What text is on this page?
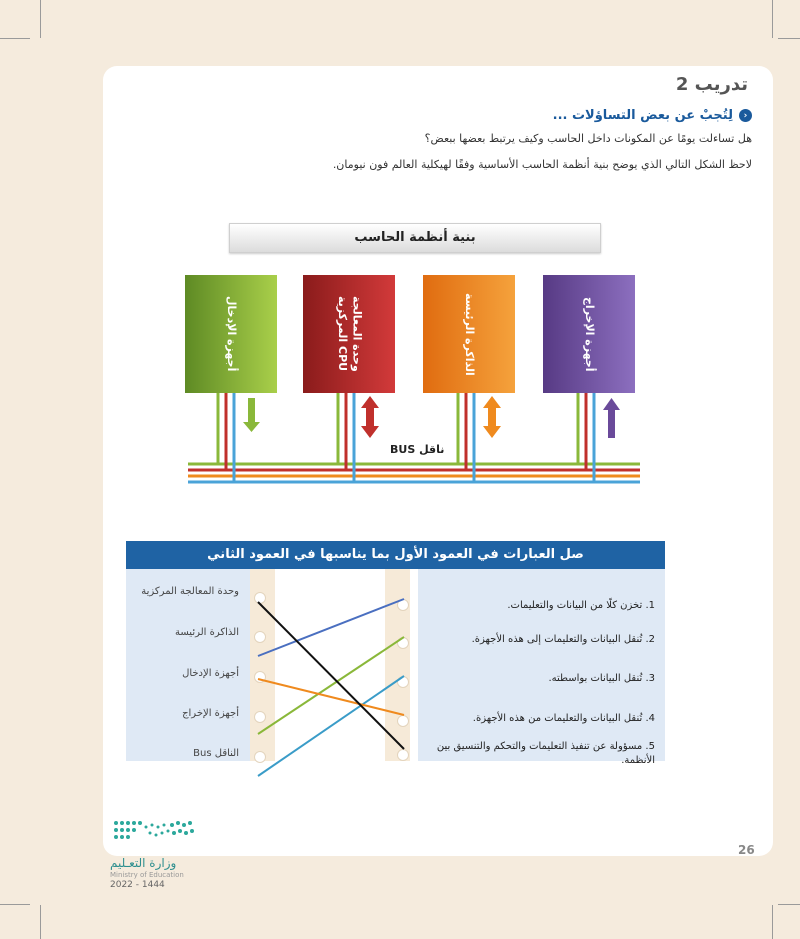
تدريب 2
‹
لِتُجبْ عن بعض التساؤلات ...
هل تساءلت يومًا عن المكونات داخل الحاسب وكيف يرتبط بعضها ببعض؟
لاحظ الشكل التالي الذي يوضح بنية أنظمة الحاسب الأساسية وفقًا لهيكلية العالم فون نيومان.
بنية أنظمة الحاسب
أجهزة الإدخال	وحدة المعالجة المركزية CPU	الذاكرة الرئيسة	أجهزة الإخراج
ناقل BUS
صل العبارات في العمود الأول بما يناسبها في العمود الثاني
1. تخزن كلًا من البيانات والتعليمات.
2. تُنقل البيانات والتعليمات إلى هذه الأجهزة.
3. تُنقل البيانات بواسطته.
4. تُنقل البيانات والتعليمات من هذه الأجهزة.
5. مسؤولة عن تنفيذ التعليمات والتحكم والتنسيق بين الأنظمة.
وحدة المعالجة المركزية
الذاكرة الرئيسة
أجهزة الإدخال
أجهزة الإخراج
الناقل Bus
وزارة التعـليم
Ministry of Education
2022 - 1444
26
